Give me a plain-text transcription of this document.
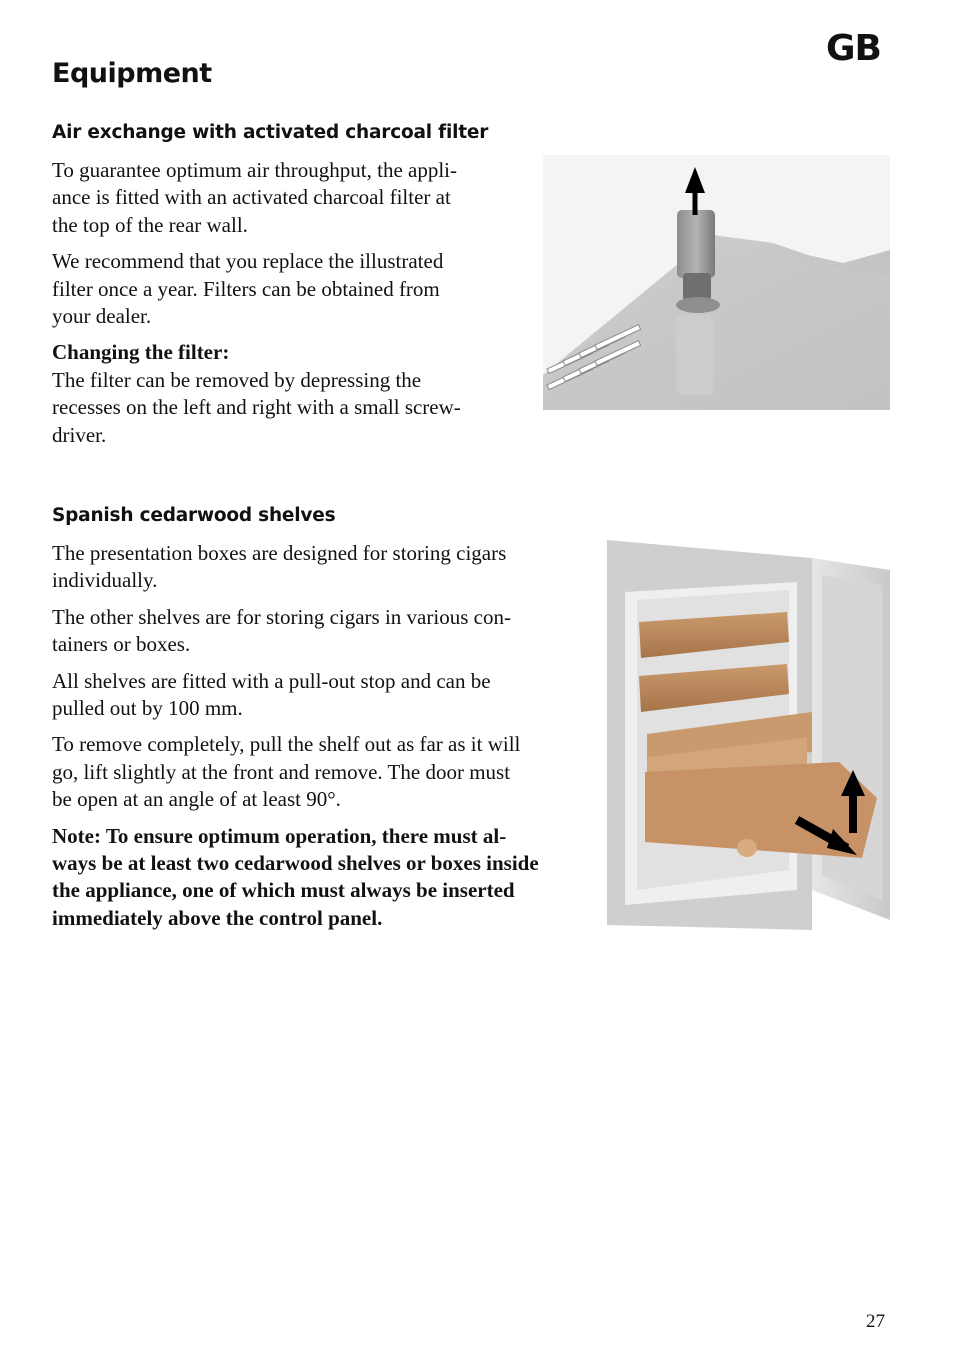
GB
Equipment
Air exchange with activated charcoal filter

To guarantee optimum air throughput, the appli-
ance is fitted with an activated charcoal filter at
the top of the rear wall.

We recommend that you replace the illustrated
filter once a year. Filters can be obtained from
your dealer.

Changing the filter:
The filter can be removed by depressing the
recesses on the left and right with a small screw-
driver.

Spanish cedarwood shelves

The presentation boxes are designed for storing cigars
individually.

The other shelves are for storing cigars in various con-
tainers or boxes.

All shelves are fitted with a pull-out stop and can be
pulled out by 100 mm.

To remove completely, pull the shelf out as far as it will
go, lift slightly at the front and remove. The door must
be open at an angle of at least 90°.

Note: To ensure optimum operation, there must al-
ways be at least two cedarwood shelves or boxes inside
the appliance, one of which must always be inserted
immediately above the control panel.

27
